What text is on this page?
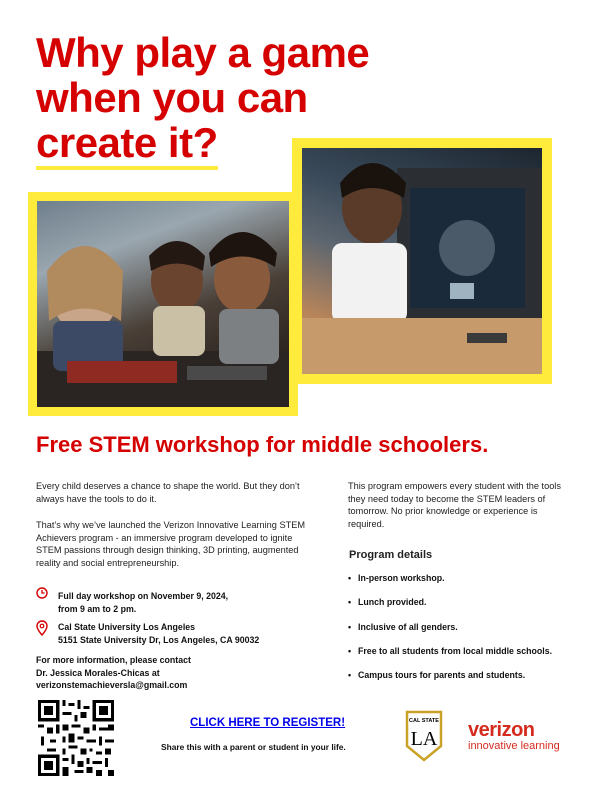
Why play a game
when you can
create it?
Free STEM workshop for middle schoolers.
Every child deserves a chance to shape the world. But they don’t always have the tools to do it.
That’s why we’ve launched the Verizon Innovative Learning STEM Achievers program - an immersive program developed to ignite STEM passions through design thinking, 3D printing, augmented reality and social entrepreneurship.
This program empowers every student with the tools they need today to become the STEM leaders of tomorrow. No prior knowledge or experience is required.
Program details
• In-person workshop.
• Lunch provided.
• Inclusive of all genders.
• Free to all students from local middle schools.
• Campus tours for parents and students.
Full day workshop on November 9, 2024,
from 9 am to 2 pm.
Cal State University Los Angeles
5151 State University Dr, Los Angeles, CA 90032
For more information, please contact
Dr. Jessica Morales-Chicas at
verizonstemachieversla@gmail.com
CLICK HERE TO REGISTER!
Share this with a parent or student in your life.
CAL STATE
LA verizon
innovative learning
